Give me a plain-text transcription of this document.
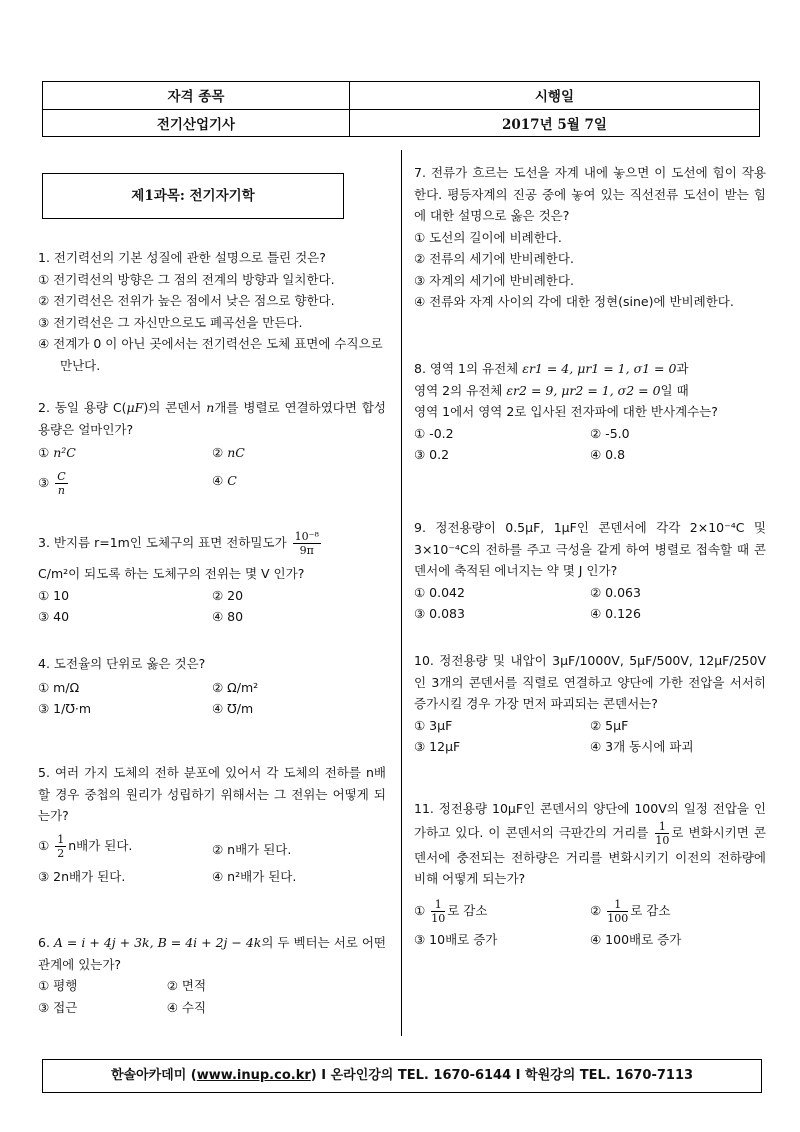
자격 종목	시행일
전기산업기사	2017년 5월 7일
제1과목: 전기자기학
1. 전기력선의 기본 성질에 관한 설명으로 틀린 것은?
① 전기력선의 방향은 그 점의 전계의 방향과 일치한다.
② 전기력선은 전위가 높은 점에서 낮은 점으로 향한다.
③ 전기력선은 그 자신만으로도 폐곡선을 만든다.
④ 전계가 0 이 아닌 곳에서는 전기력선은 도체 표면에 수직으로 만난다.
2. 동일 용량 C(μF)의 콘덴서 n개를 병렬로 연결하였다면 합성용량은 얼마인가?
① n²C	② nC
③ $\frac{C}{n}$	④ C
3. 반지름 r=1m인 도체구의 표면 전하밀도가 $\frac{\text{10⁻⁸}}{9\pi}$
C/m²이 되도록 하는 도체구의 전위는 몇 V 인가?
① 10	② 20
③ 40	④ 80
4. 도전율의 단위로 옳은 것은?
① m/Ω	② Ω/m²
③ 1/℧·m	④ ℧/m
5. 여러 가지 도체의 전하 분포에 있어서 각 도체의 전하를 n배할 경우 중첩의 원리가 성립하기 위해서는 그 전위는 어떻게 되는가?
① $\frac{1}{2}$ n배가 된다.	② n배가 된다.
③ 2n배가 된다.	④ n²배가 된다.
6. A = i + 4j + 3k, B = 4i + 2j − 4k의 두 벡터는 서로 어떤 관계에 있는가?
① 평행	② 면적
③ 접근	④ 수직
7. 전류가 흐르는 도선을 자계 내에 놓으면 이 도선에 힘이 작용한다. 평등자계의 진공 중에 놓여 있는 직선전류 도선이 받는 힘에 대한 설명으로 옳은 것은?
① 도선의 길이에 비례한다.
② 전류의 세기에 반비례한다.
③ 자계의 세기에 반비례한다.
④ 전류와 자계 사이의 각에 대한 정현(sine)에 반비례한다.
8. 영역 1의 유전체 εr1 = 4, μr1 = 1, σ1 = 0과
영역 2의 유전체 εr2 = 9, μr2 = 1, σ2 = 0일 때
영역 1에서 영역 2로 입사된 전자파에 대한 반사계수는?
① -0.2	② -5.0
③ 0.2	④ 0.8
9. 정전용량이 0.5μF, 1μF인 콘덴서에 각각 2×10⁻⁴C 및 3×10⁻⁴C의 전하를 주고 극성을 같게 하여 병렬로 접속할 때 콘덴서에 축적된 에너지는 약 몇 J 인가?
① 0.042	② 0.063
③ 0.083	④ 0.126
10. 정전용량 및 내압이 3μF/1000V, 5μF/500V, 12μF/250V인 3개의 콘덴서를 직렬로 연결하고 양단에 가한 전압을 서서히 증가시킬 경우 가장 먼저 파괴되는 콘덴서는?
① 3μF	② 5μF
③ 12μF	④ 3개 동시에 파괴
11. 정전용량 10μF인 콘덴서의 양단에 100V의 일정 전압을 인가하고 있다. 이 콘덴서의 극판간의 거리를 $\frac{1}{10}$ 로 변화시키면 콘덴서에 충전되는 전하량은 거리를 변화시키기 이전의 전하량에 비해 어떻게 되는가?
① $\frac{1}{10}$ 로 감소	② $\frac{1}{100}$ 로 감소
③ 10배로 증가	④ 100배로 증가
한솔아카데미 (www.inup.co.kr) I 온라인강의 TEL. 1670-6144 I 학원강의 TEL. 1670-7113
